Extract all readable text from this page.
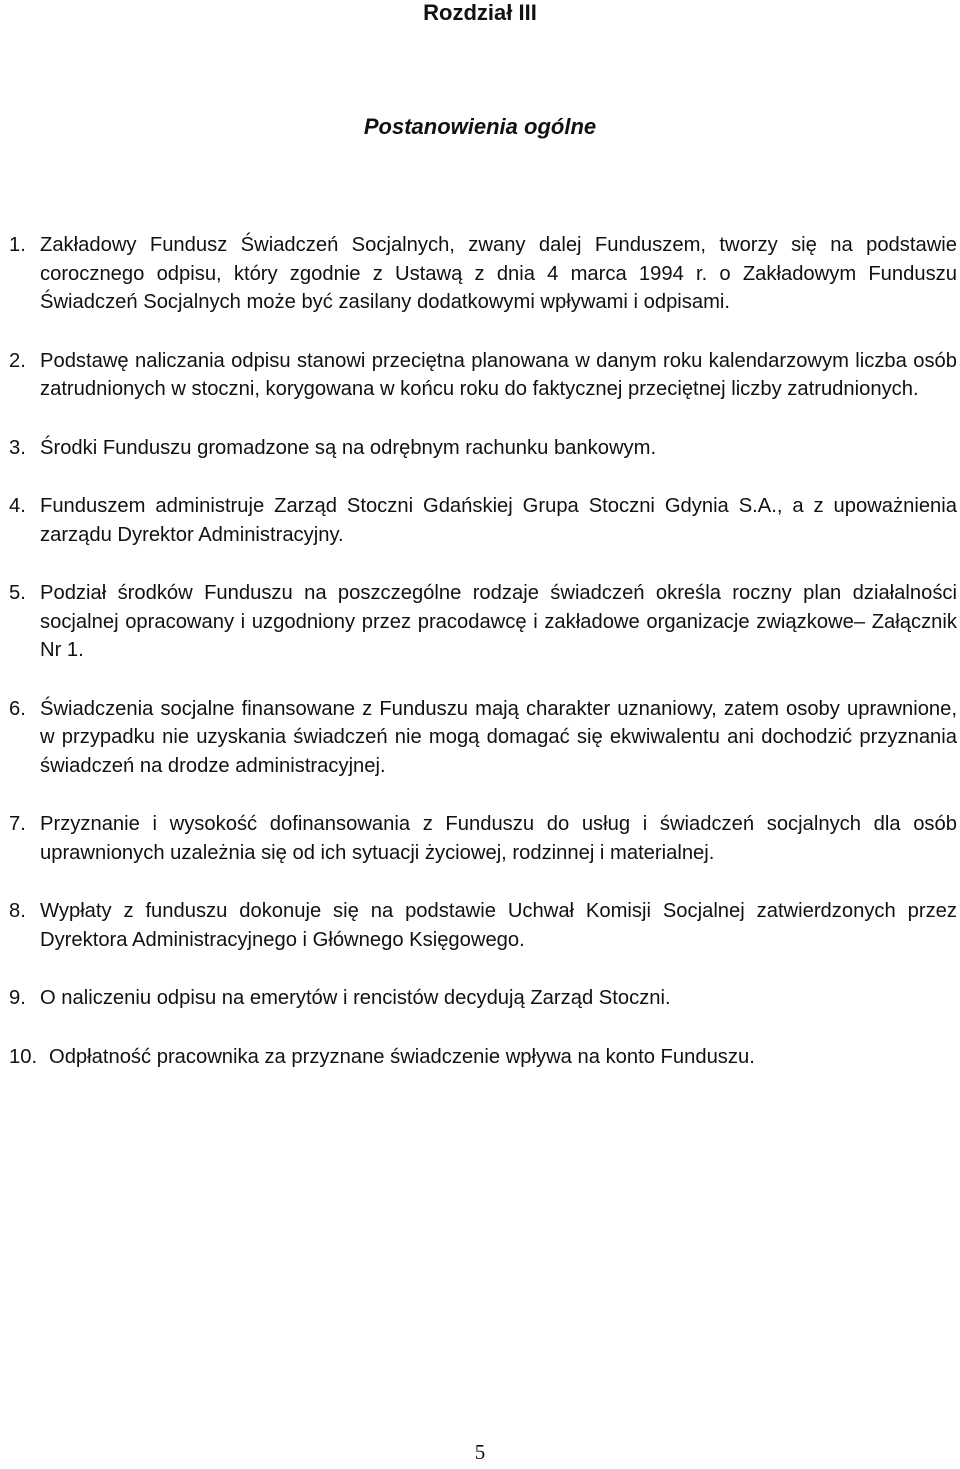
Rozdział III
Postanowienia ogólne
1. Zakładowy Fundusz Świadczeń Socjalnych, zwany dalej Funduszem, tworzy się na podstawie corocznego odpisu, który zgodnie z Ustawą z dnia 4 marca 1994 r. o Zakładowym Funduszu Świadczeń Socjalnych może być zasilany dodatkowymi wpływami i odpisami.
2. Podstawę naliczania odpisu stanowi przeciętna planowana w danym roku kalendarzowym liczba osób zatrudnionych w stoczni, korygowana w końcu roku do faktycznej przeciętnej liczby zatrudnionych.
3. Środki Funduszu gromadzone są na odrębnym rachunku bankowym.
4. Funduszem administruje Zarząd Stoczni Gdańskiej Grupa Stoczni Gdynia S.A., a z upoważnienia zarządu Dyrektor Administracyjny.
5. Podział środków Funduszu na poszczególne rodzaje świadczeń określa roczny plan działalności socjalnej opracowany i uzgodniony przez pracodawcę i zakładowe organizacje związkowe– Załącznik Nr 1.
6. Świadczenia socjalne finansowane z Funduszu mają charakter uznaniowy, zatem osoby uprawnione, w przypadku nie uzyskania świadczeń nie mogą domagać się ekwiwalentu ani dochodzić przyznania świadczeń na drodze administracyjnej.
7. Przyznanie i wysokość dofinansowania z Funduszu do usług i świadczeń socjalnych dla osób uprawnionych uzależnia się od ich sytuacji życiowej, rodzinnej i materialnej.
8. Wypłaty z funduszu dokonuje się na podstawie Uchwał Komisji Socjalnej zatwierdzonych przez Dyrektora Administracyjnego i Głównego Księgowego.
9. O naliczeniu odpisu na emerytów i rencistów decydują Zarząd Stoczni.
10. Odpłatność pracownika za przyznane świadczenie wpływa na konto Funduszu.
5
